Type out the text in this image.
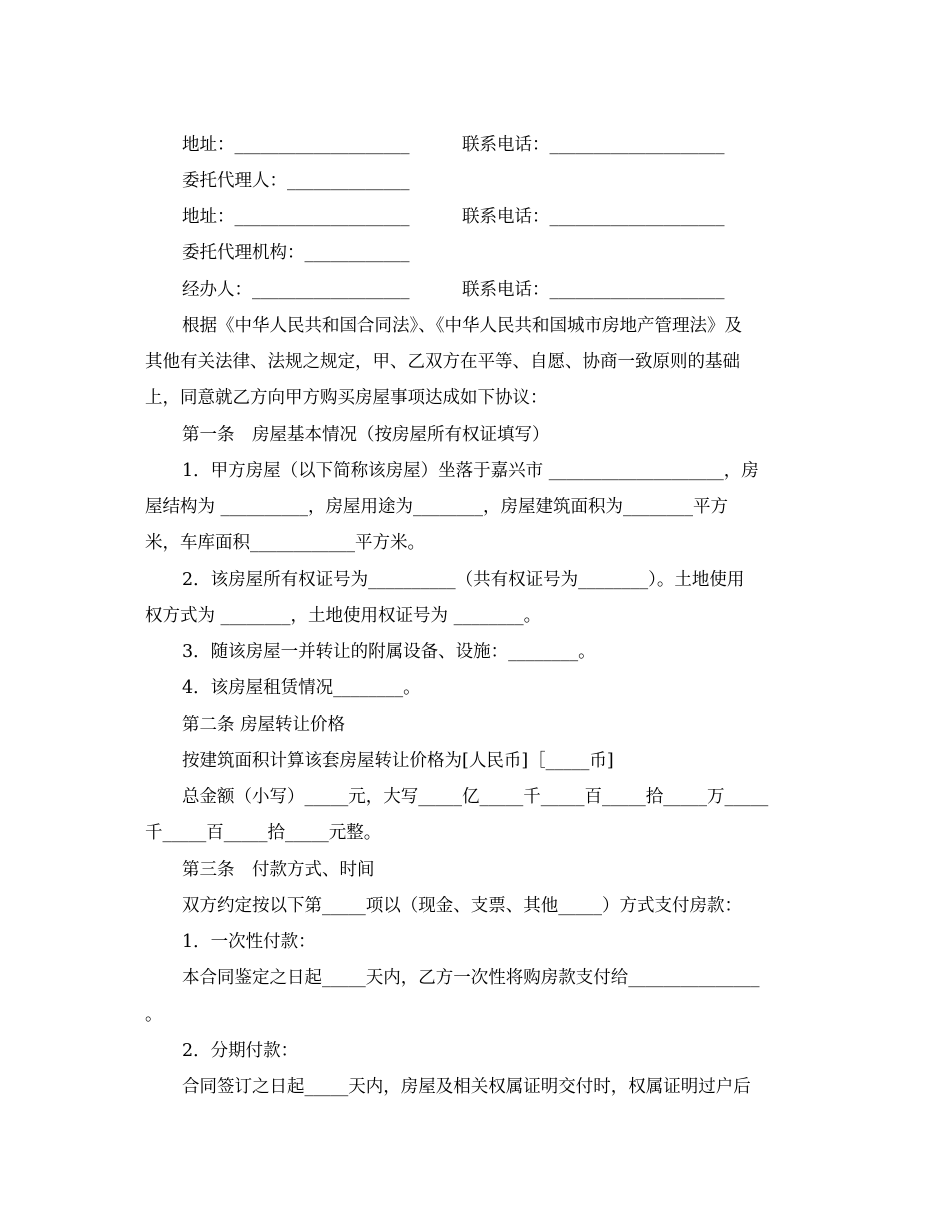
地址：____________________	联系电话：____________________
委托代理人：______________
地址：____________________	联系电话：____________________
委托代理机构：____________
经办人：__________________	联系电话：____________________
根据《中华人民共和国合同法》、《中华人民共和国城市房地产管理法》及
其他有关法律、法规之规定，甲、乙双方在平等、自愿、协商一致原则的基础
上，同意就乙方向甲方购买房屋事项达成如下协议：
第一条　房屋基本情况（按房屋所有权证填写）
1．甲方房屋（以下简称该房屋）坐落于嘉兴市 ____________________，房
屋结构为 __________，房屋用途为________，房屋建筑面积为________平方
米，车库面积____________平方米。
2．该房屋所有权证号为__________（共有权证号为________）。土地使用
权方式为 ________，土地使用权证号为 ________。
3．随该房屋一并转让的附属设备、设施：________。
4．该房屋租赁情况________。
第二条 房屋转让价格
按建筑面积计算该套房屋转让价格为[人民币]［_____币]
总金额（小写）_____元，大写_____亿_____千_____百_____拾_____万_____
千_____百_____拾_____元整。
第三条　付款方式、时间
双方约定按以下第_____项以（现金、支票、其他_____）方式支付房款：
1．一次性付款：
本合同鉴定之日起_____天内，乙方一次性将购房款支付给_______________
。
2．分期付款：
合同签订之日起_____天内，房屋及相关权属证明交付时，权属证明过户后
